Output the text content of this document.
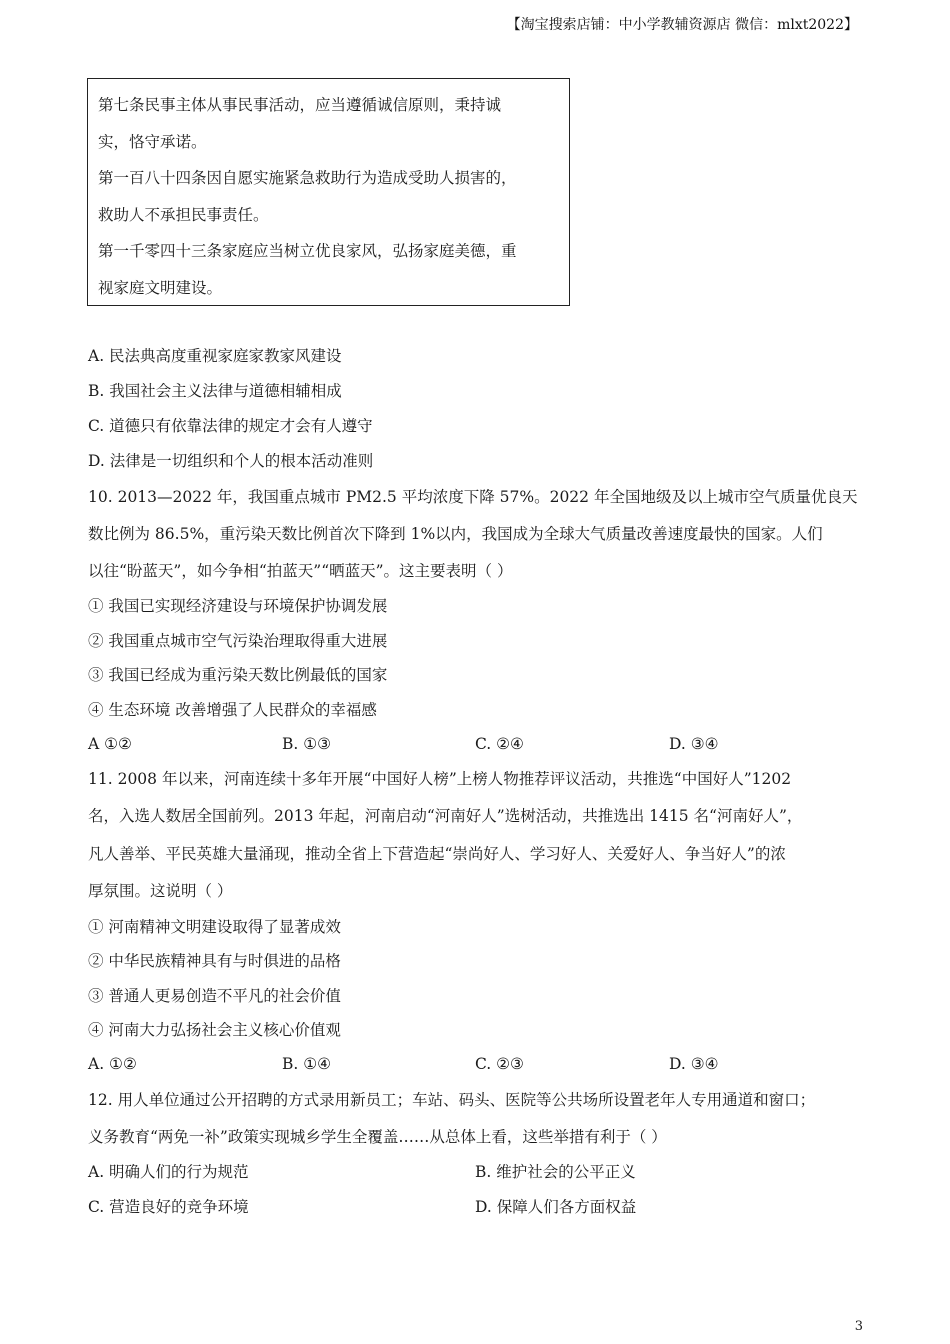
【淘宝搜索店铺：中小学教辅资源店 微信：mlxt2022】

第七条民事主体从事民事活动，应当遵循诚信原则，秉持诚

实，恪守承诺。

第一百八十四条因自愿实施紧急救助行为造成受助人损害的，

救助人不承担民事责任。

第一千零四十三条家庭应当树立优良家风，弘扬家庭美德，重

视家庭文明建设。

A. 民法典高度重视家庭家教家风建设
B. 我国社会主义法律与道德相辅相成
C. 道德只有依靠法律的规定才会有人遵守
D. 法律是一切组织和个人的根本活动准则
10. 2013—2022 年，我国重点城市 PM2.5 平均浓度下降 57%。2022 年全国地级及以上城市空气质量优良天
数比例为 86.5%，重污染天数比例首次下降到 1%以内，我国成为全球大气质量改善速度最快的国家。人们
以往“盼蓝天”，如今争相“拍蓝天”“晒蓝天”。这主要表明（ ）
① 我国已实现经济建设与环境保护协调发展
② 我国重点城市空气污染治理取得重大进展
③ 我国已经成为重污染天数比例最低的国家
④ 生态环境 改善增强了人民群众的幸福感
A ①②	B. ①③	C. ②④	D. ③④
11. 2008 年以来，河南连续十多年开展“中国好人榜”上榜人物推荐评议活动，共推选“中国好人”1202
名，入选人数居全国前列。2013 年起，河南启动“河南好人”选树活动，共推选出 1415 名“河南好人”，
凡人善举、平民英雄大量涌现，推动全省上下营造起“崇尚好人、学习好人、关爱好人、争当好人”的浓
厚氛围。这说明（ ）
① 河南精神文明建设取得了显著成效
② 中华民族精神具有与时俱进的品格
③ 普通人更易创造不平凡的社会价值
④ 河南大力弘扬社会主义核心价值观
A. ①②	B. ①④	C. ②③	D. ③④
12. 用人单位通过公开招聘的方式录用新员工；车站、码头、医院等公共场所设置老年人专用通道和窗口；
义务教育“两免一补”政策实现城乡学生全覆盖……从总体上看，这些举措有利于（ ）
A. 明确人们的行为规范	B. 维护社会的公平正义
C. 营造良好的竞争环境	D. 保障人们各方面权益
3
